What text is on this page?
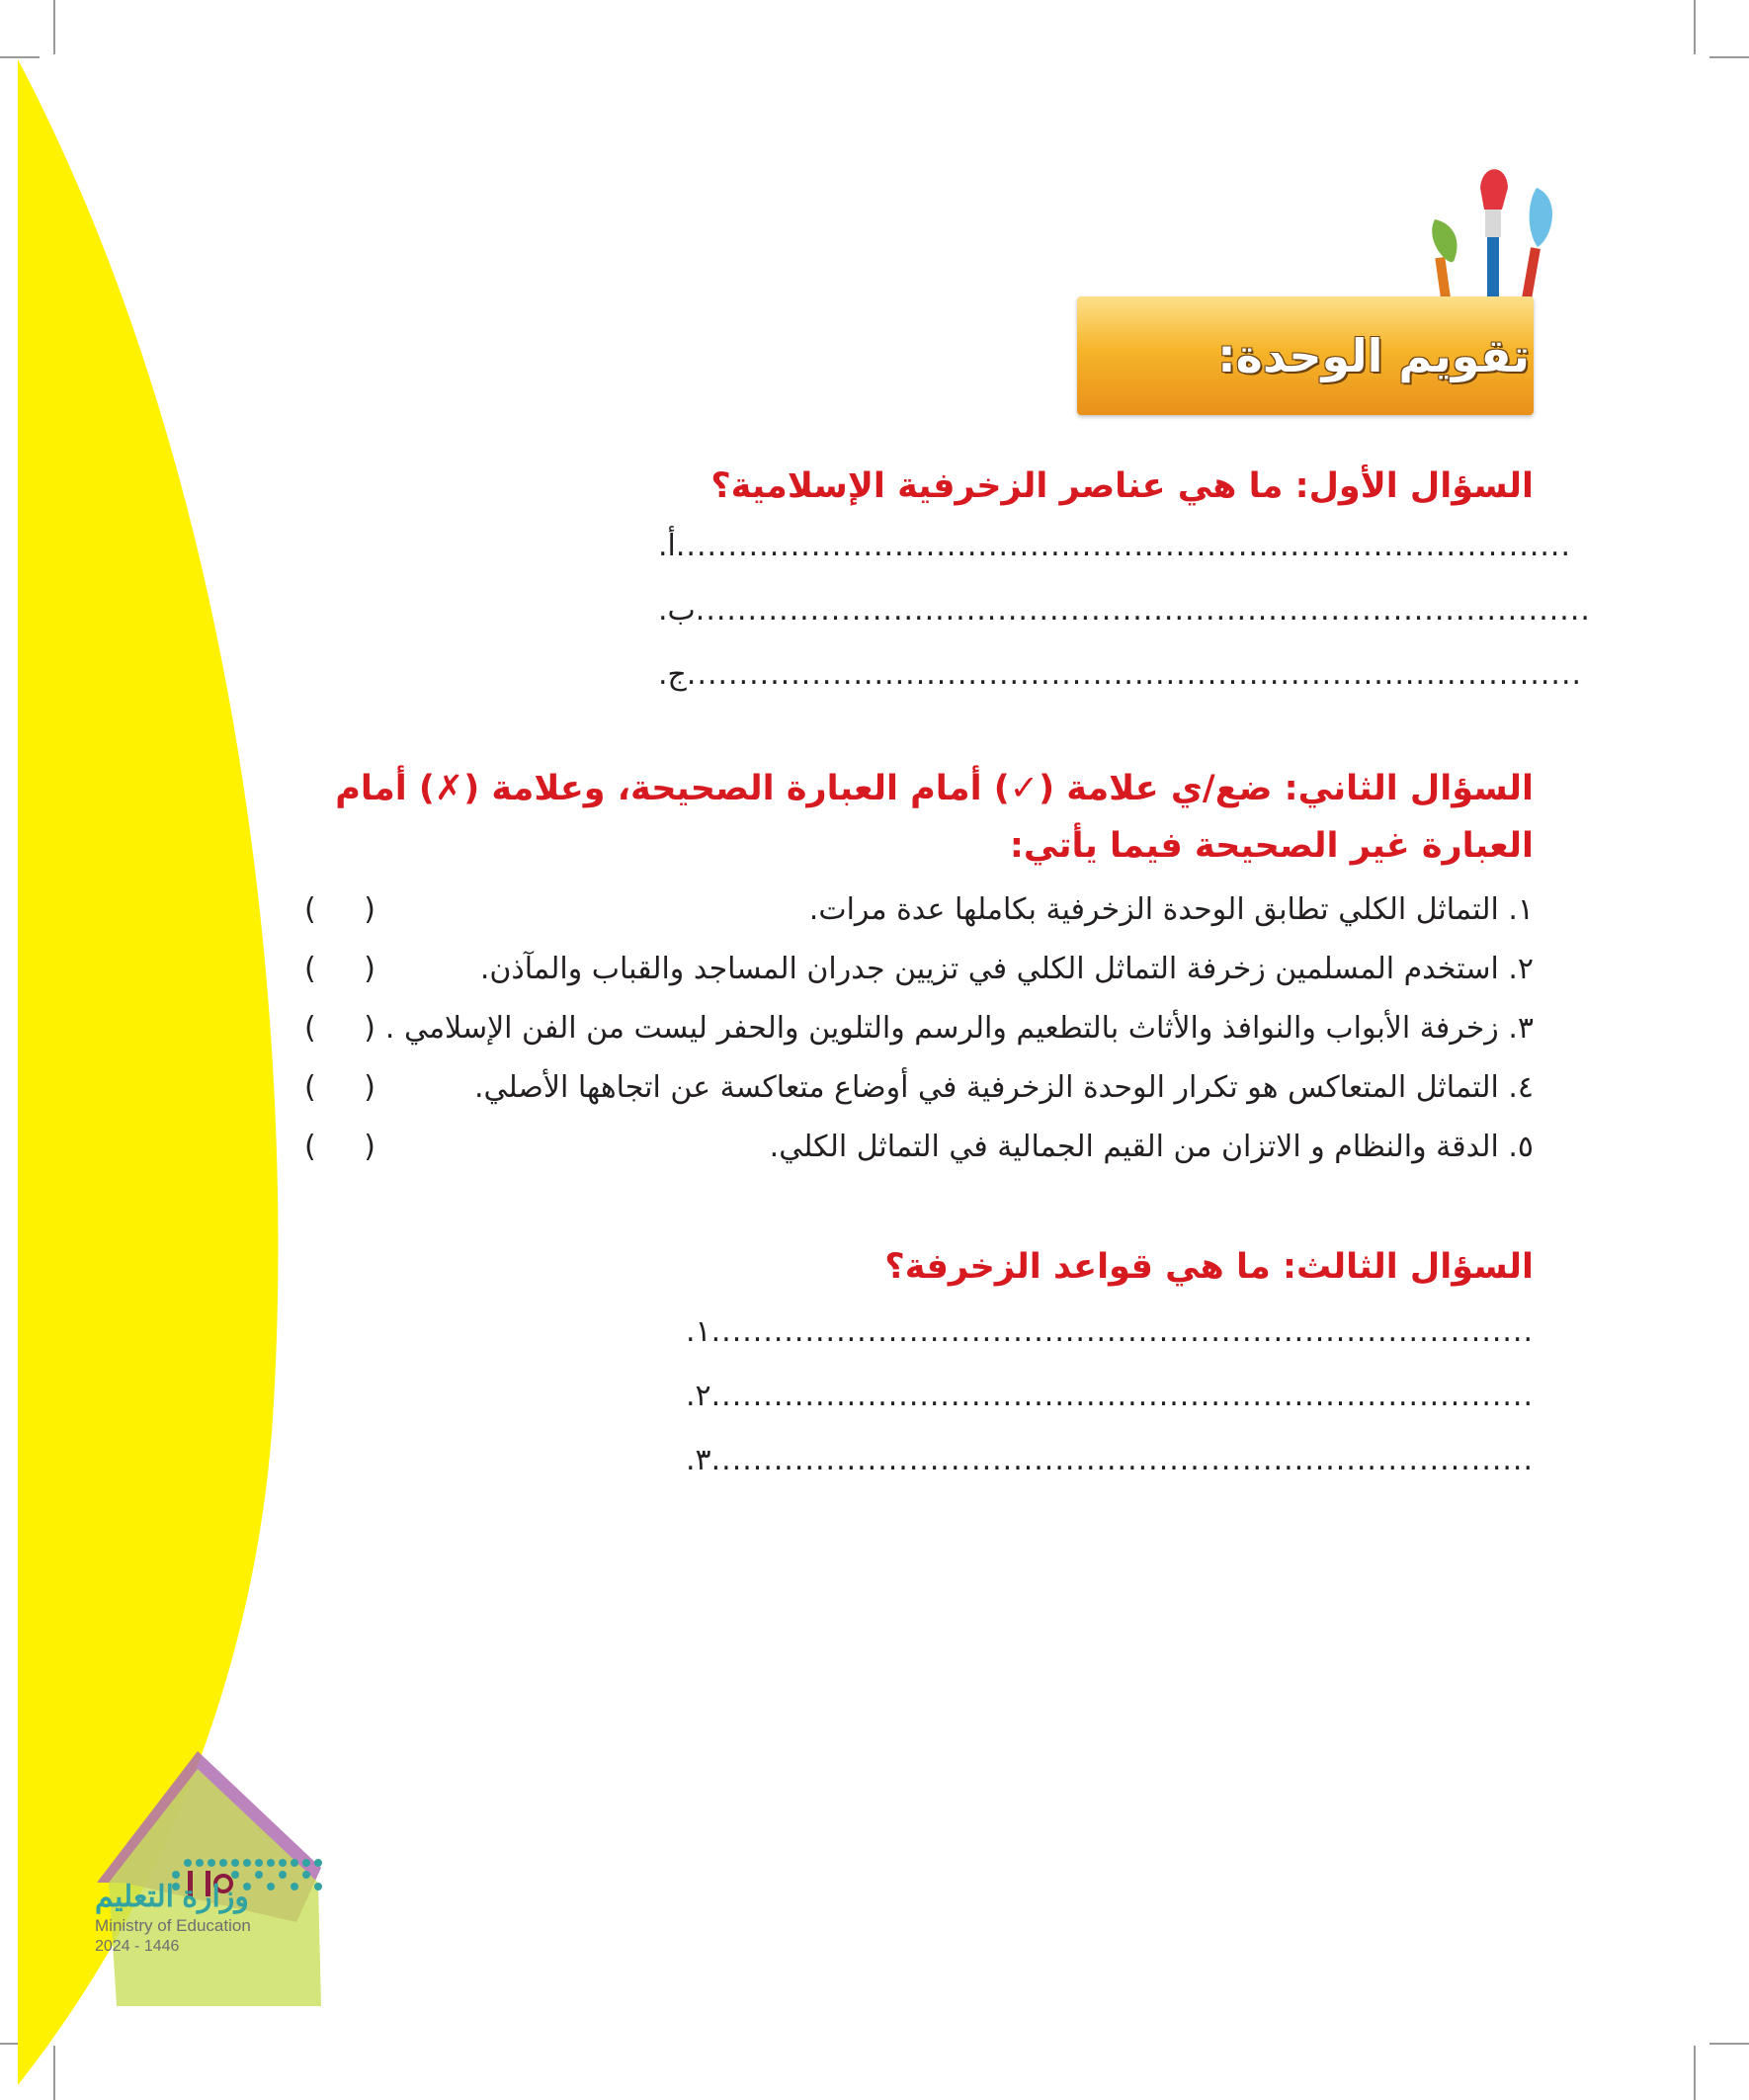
تقويم الوحدة:
السؤال الأول: ما هي عناصر الزخرفية الإسلامية؟
أ.......................................................................................
ب.......................................................................................
ج.......................................................................................
السؤال الثاني: ضع/ي علامة (✓) أمام العبارة الصحيحة، وعلامة (✗) أمام
العبارة غير الصحيحة فيما يأتي:
١. التماثل الكلي تطابق الوحدة الزخرفية بكاملها عدة مرات.
( )
٢. استخدم المسلمين زخرفة التماثل الكلي في تزيين جدران المساجد والقباب والمآذن.
( )
٣. زخرفة الأبواب والنوافذ والأثاث بالتطعيم والرسم والتلوين والحفر ليست من الفن الإسلامي .
( )
٤. التماثل المتعاكس هو تكرار الوحدة الزخرفية في أوضاع متعاكسة عن اتجاهها الأصلي.
( )
٥. الدقة والنظام و الاتزان من القيم الجمالية في التماثل الكلي.
( )
السؤال الثالث: ما هي قواعد الزخرفة؟
١................................................................................
٢................................................................................
٣................................................................................
وزارة التعليم
Ministry of Education
2024 - 1446
